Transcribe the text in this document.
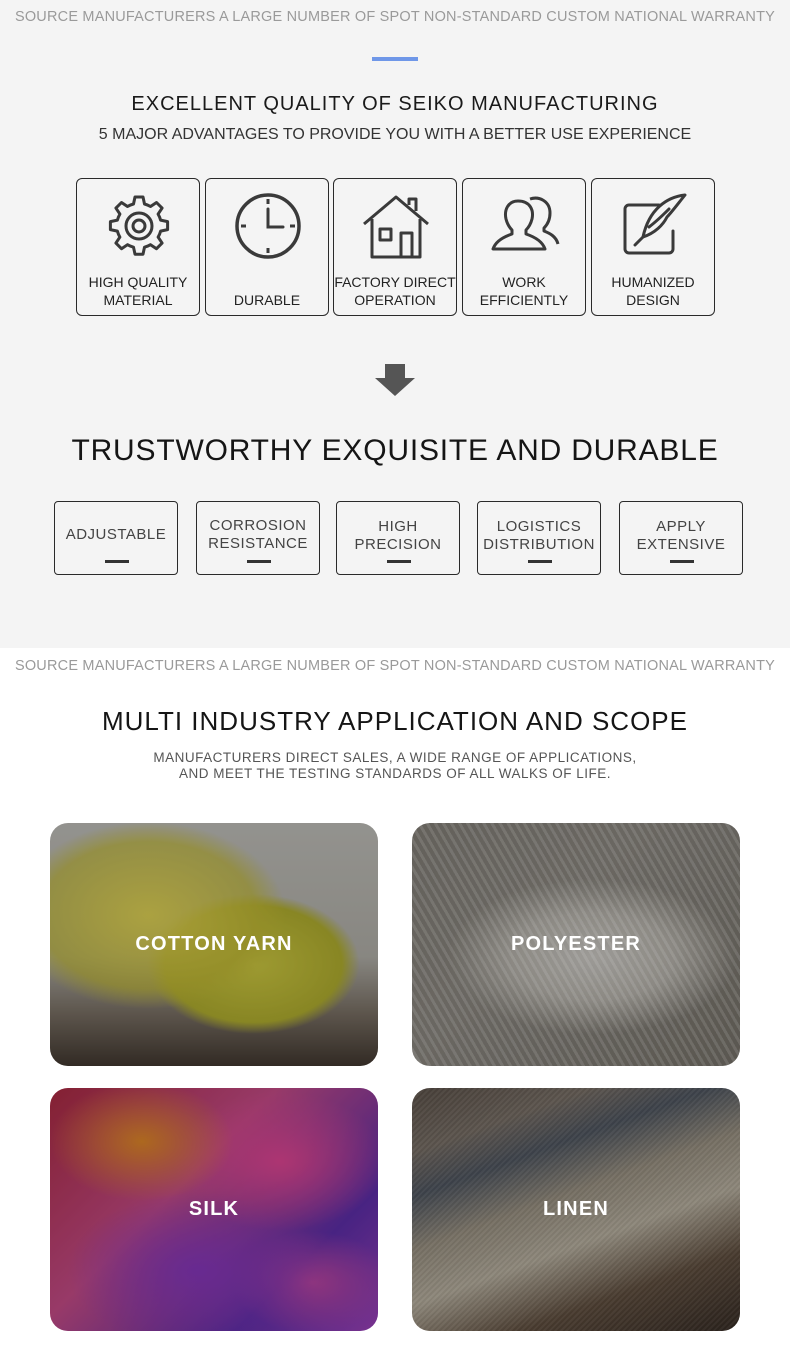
SOURCE MANUFACTURERS A LARGE NUMBER OF SPOT NON-STANDARD CUSTOM NATIONAL WARRANTY
EXCELLENT QUALITY OF SEIKO MANUFACTURING
5 MAJOR ADVANTAGES TO PROVIDE YOU WITH A BETTER USE EXPERIENCE
HIGH QUALITY
MATERIAL	DURABLE
FACTORY DIRECT
OPERATION
WORK
EFFICIENTLY
HUMANIZED
DESIGN
TRUSTWORTHY EXQUISITE AND DURABLE
ADJUSTABLE
CORROSION
RESISTANCE
HIGH
PRECISION
LOGISTICS
DISTRIBUTION
APPLY
EXTENSIVE
SOURCE MANUFACTURERS A LARGE NUMBER OF SPOT NON-STANDARD CUSTOM NATIONAL WARRANTY
MULTI INDUSTRY APPLICATION AND SCOPE
MANUFACTURERS DIRECT SALES, A WIDE RANGE OF APPLICATIONS,
AND MEET THE TESTING STANDARDS OF ALL WALKS OF LIFE.
COTTON YARN	POLYESTER
SILK	LINEN
